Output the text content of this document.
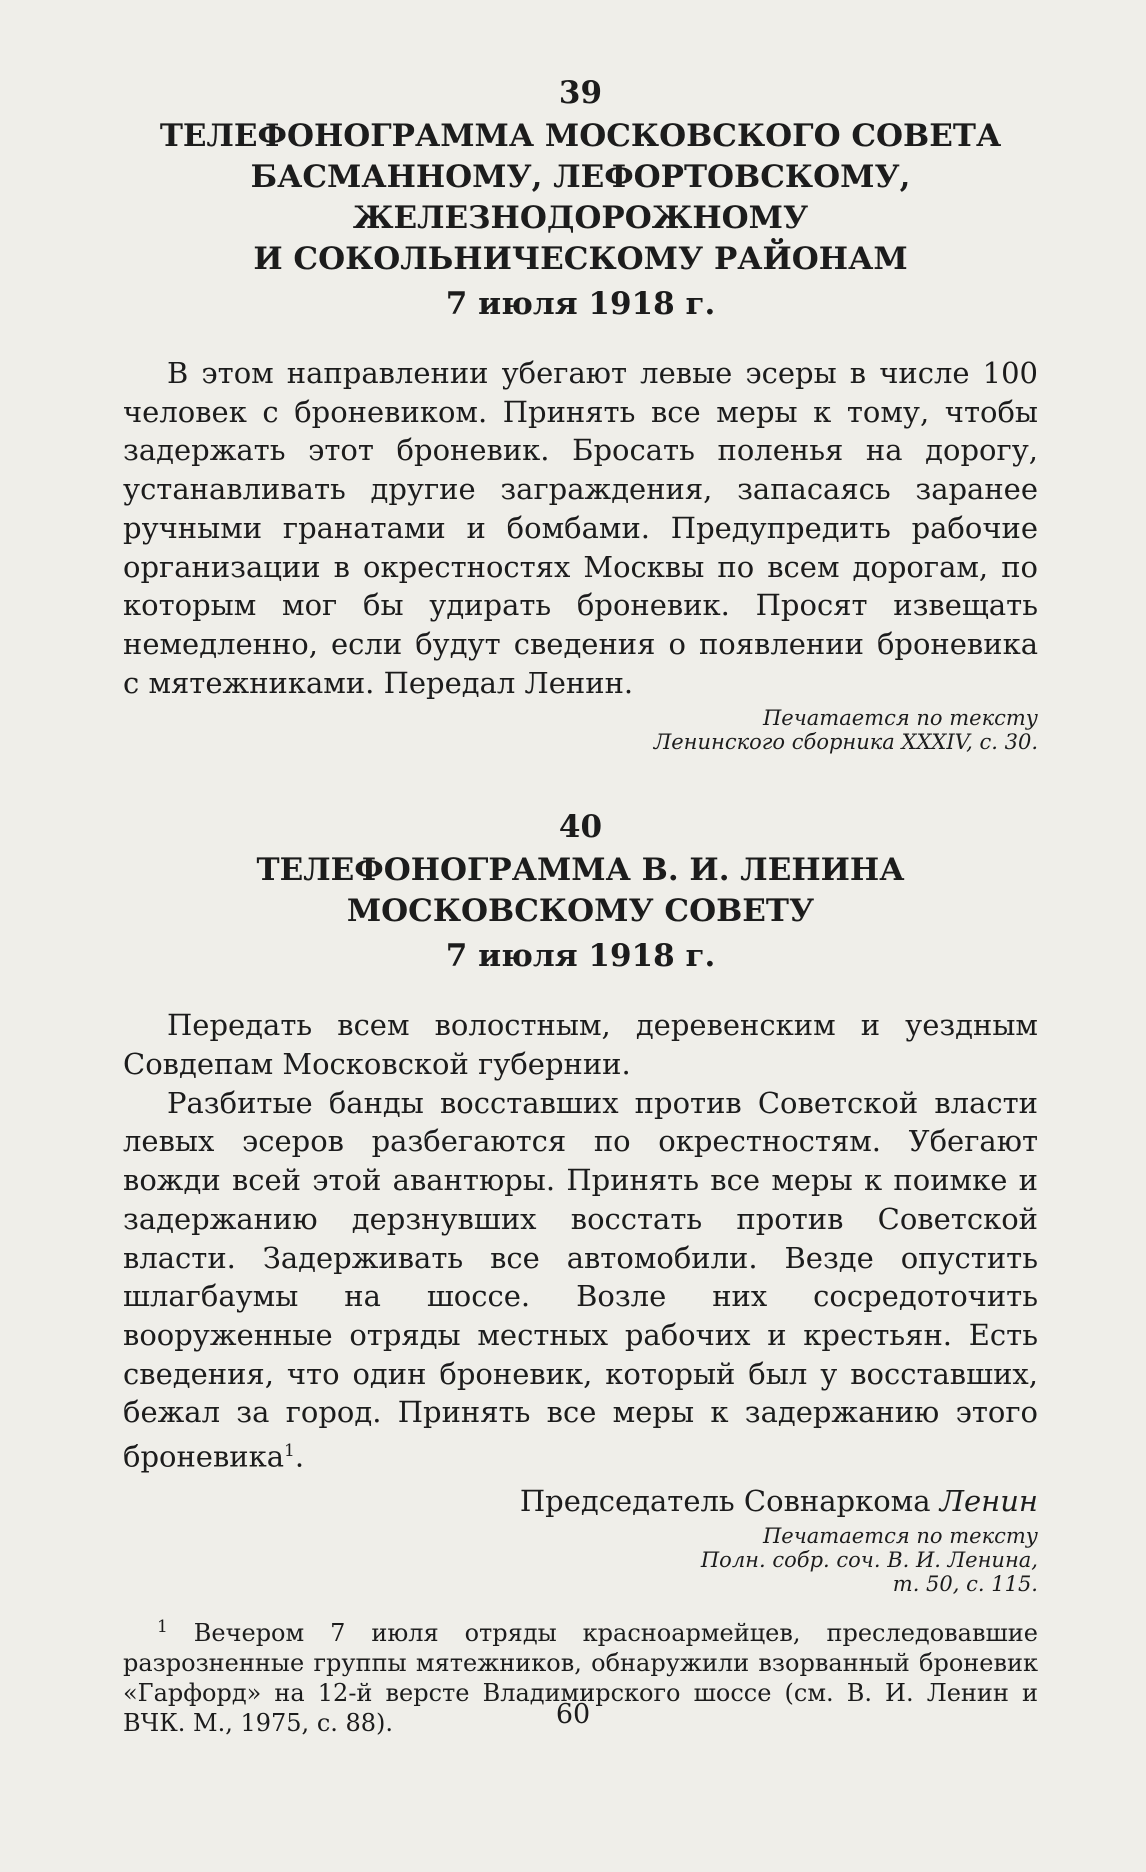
39
ТЕЛЕФОНОГРАММА МОСКОВСКОГО СОВЕТА
БАСМАННОМУ, ЛЕФОРТОВСКОМУ,
ЖЕЛЕЗНОДОРОЖНОМУ
И СОКОЛЬНИЧЕСКОМУ РАЙОНАМ
7 июля 1918 г.

В этом направлении убегают левые эсеры в числе 100 человек с броневиком. Принять все меры к тому, чтобы задержать этот броневик. Бросать поленья на дорогу, устанавливать другие заграждения, запасаясь заранее ручными гранатами и бомбами. Предупредить рабочие организации в окрестностях Москвы по всем дорогам, по которым мог бы удирать броневик. Просят извещать немедленно, если будут сведения о появлении броневика с мятежниками. Передал Ленин.

Печатается по тексту
Ленинского сборника XXXIV, с. 30.
40
ТЕЛЕФОНОГРАММА В. И. ЛЕНИНА
МОСКОВСКОМУ СОВЕТУ
7 июля 1918 г.

Передать всем волостным, деревенским и уездным Совдепам Московской губернии.

Разбитые банды восставших против Советской власти левых эсеров разбегаются по окрестностям. Убегают вожди всей этой авантюры. Принять все меры к поимке и задержанию дерзнувших восстать против Советской власти. Задерживать все автомобили. Везде опустить шлагбаумы на шоссе. Возле них сосредоточить вооруженные отряды местных рабочих и крестьян. Есть сведения, что один броневик, который был у восставших, бежал за город. Принять все меры к задержанию этого броневика$^1$.

Председатель Совнаркома Ленин
Печатается по тексту
Полн. собр. соч. В. И. Ленина,
т. 50, с. 115.

$^1$ Вечером 7 июля отряды красноармейцев, преследовавшие разрозненные группы мятежников, обнаружили взорванный броневик «Гарфорд» на 12-й версте Владимирского шоссе (см. В. И. Ленин и ВЧК. М., 1975, с. 88).	60
